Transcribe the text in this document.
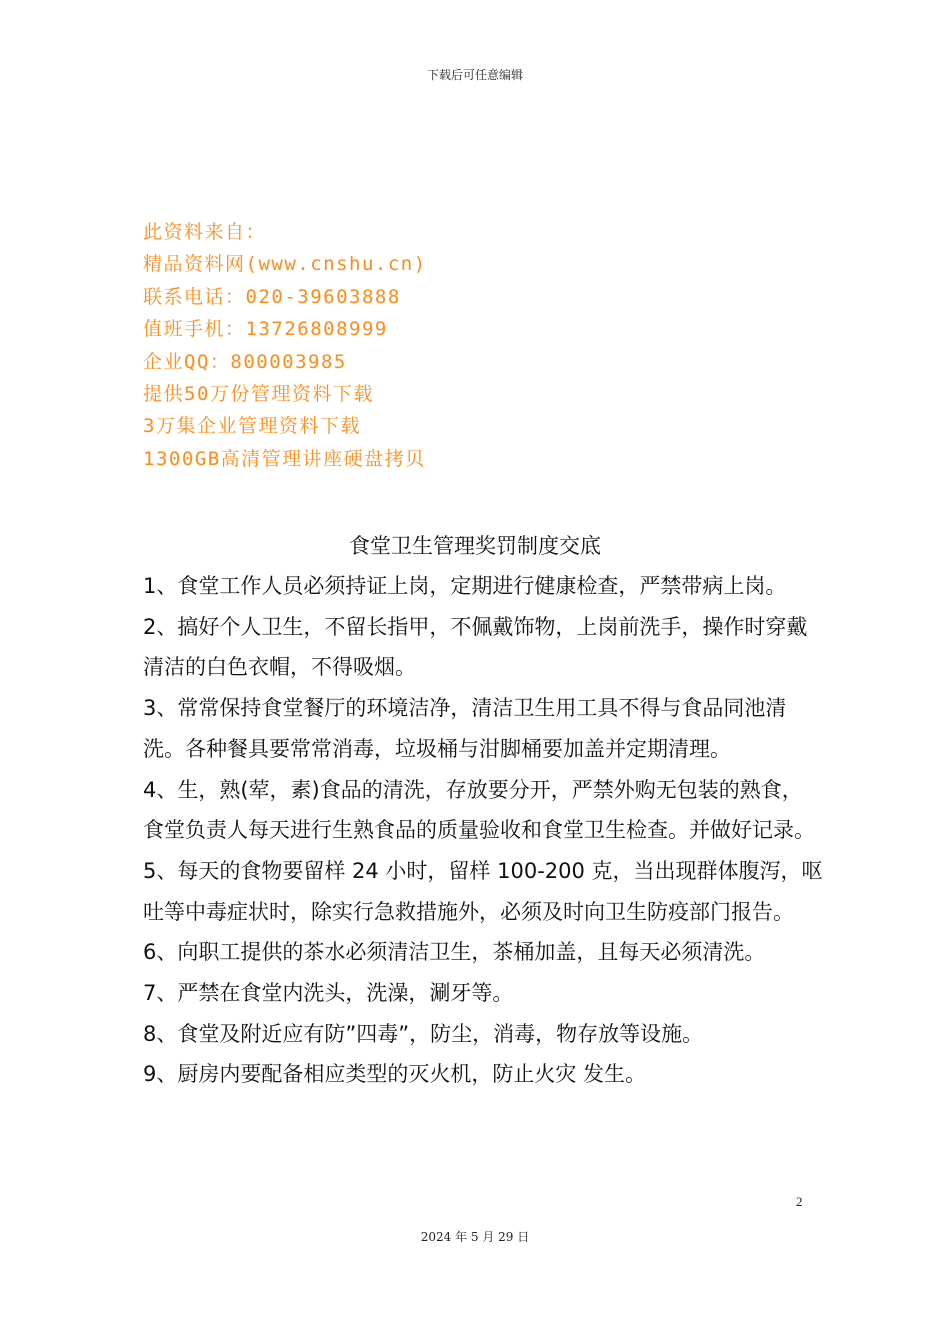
下载后可任意编辑
此资料来自：
精品资料网(www.cnshu.cn)
联系电话：020-39603888
值班手机：13726808999
企业QQ：800003985
提供50万份管理资料下载
3万集企业管理资料下载
1300GB高清管理讲座硬盘拷贝
食堂卫生管理奖罚制度交底
1、食堂工作人员必须持证上岗，定期进行健康检查，严禁带病上岗。
2、搞好个人卫生，不留长指甲，不佩戴饰物，上岗前洗手，操作时穿戴清洁的白色衣帽，不得吸烟。
3、常常保持食堂餐厅的环境洁净，清洁卫生用工具不得与食品同池清洗。各种餐具要常常消毒，垃圾桶与泔脚桶要加盖并定期清理。
4、生，熟(荤，素)食品的清洗，存放要分开，严禁外购无包装的熟食，食堂负责人每天进行生熟食品的质量验收和食堂卫生检查。并做好记录。
5、每天的食物要留样 24 小时，留样 100-200 克，当出现群体腹泻，呕吐等中毒症状时，除实行急救措施外，必须及时向卫生防疫部门报告。
6、向职工提供的茶水必须清洁卫生，茶桶加盖，且每天必须清洗。
7、严禁在食堂内洗头，洗澡，涮牙等。
8、食堂及附近应有防”四毒”，防尘，消毒，物存放等设施。
9、厨房内要配备相应类型的灭火机，防止火灾 发生。
2
2024 年 5 月 29 日
